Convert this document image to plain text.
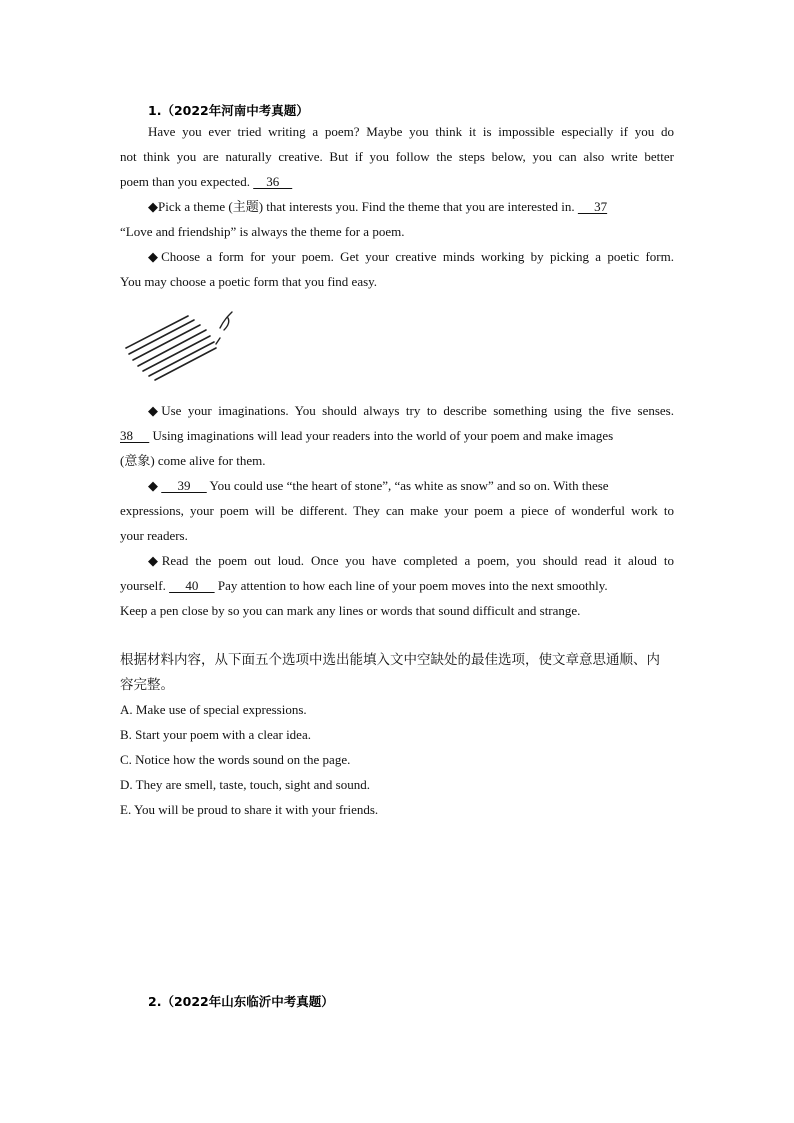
1.（2022年河南中考真题）
Have you ever tried writing a poem? Maybe you think it is impossible especially if you do
not think you are naturally creative. But if you follow the steps below, you can also write better
poem than you expected.     36
◆Pick a theme (主题) that interests you. Find the theme that you are interested in.      37
“Love and friendship” is always the theme for a poem.
◆Choose a form for your poem. Get your creative minds working by picking a poetic form.
You may choose a poetic form that you find easy.
◆Use your imaginations. You should always try to describe something using the five senses.
38      Using imaginations will lead your readers into the world of your poem and make images
(意象) come alive for them.
◆      39      You could use “the heart of stone”, “as white as snow” and so on. With these
expressions, your poem will be different. They can make your poem a piece of wonderful work to
your readers.
◆Read the poem out loud. Once you have completed a poem, you should read it aloud to
yourself.      40      Pay attention to how each line of your poem moves into the next smoothly.
Keep a pen close by so you can mark any lines or words that sound difficult and strange.
根据材料内容，从下面五个选项中选出能填入文中空缺处的最佳选项，使文章意思通顺、内
容完整。
A. Make use of special expressions.
B. Start your poem with a clear idea.
C. Notice how the words sound on the page.
D. They are smell, taste, touch, sight and sound.
E. You will be proud to share it with your friends.
2.（2022年山东临沂中考真题）
